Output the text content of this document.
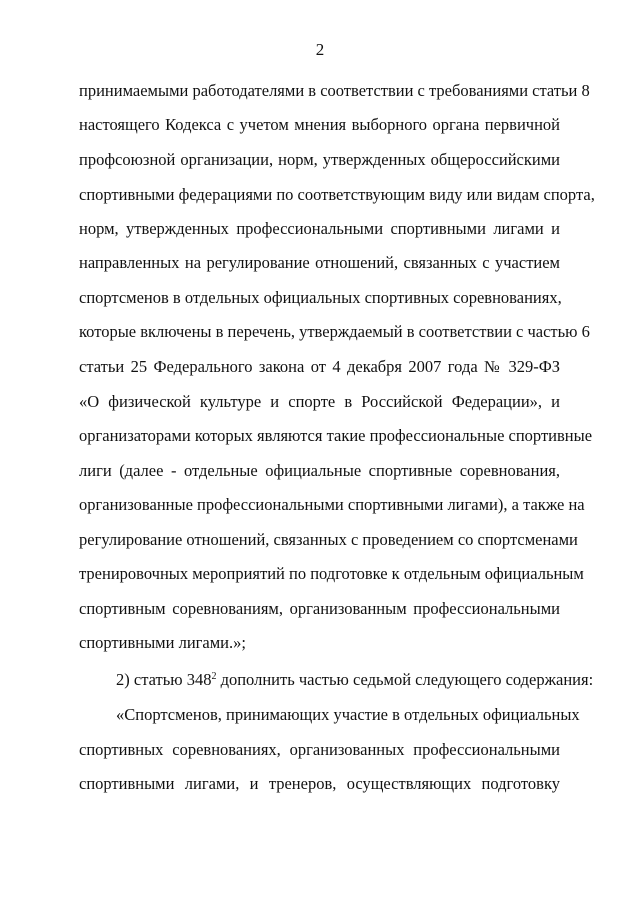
2
принимаемыми работодателями в соответствии с требованиями статьи 8
настоящего Кодекса с учетом мнения выборного органа первичной
профсоюзной организации, норм, утвержденных общероссийскими
спортивными федерациями по соответствующим виду или видам спорта,
норм, утвержденных профессиональными спортивными лигами и
направленных на регулирование отношений, связанных с участием
спортсменов в отдельных официальных спортивных соревнованиях,
которые включены в перечень, утверждаемый в соответствии с частью 6
статьи 25 Федерального закона от 4 декабря 2007 года № 329-ФЗ
«О физической культуре и спорте в Российской Федерации», и
организаторами которых являются такие профессиональные спортивные
лиги (далее - отдельные официальные спортивные соревнования,
организованные профессиональными спортивными лигами), а также на
регулирование отношений, связанных с проведением со спортсменами
тренировочных мероприятий по подготовке к отдельным официальным
спортивным соревнованиям, организованным профессиональными
спортивными лигами.»;
2) статью $348^2$ дополнить частью седьмой следующего содержания:
«Спортсменов, принимающих участие в отдельных официальных
спортивных соревнованиях, организованных профессиональными
спортивными лигами, и тренеров, осуществляющих подготовку
